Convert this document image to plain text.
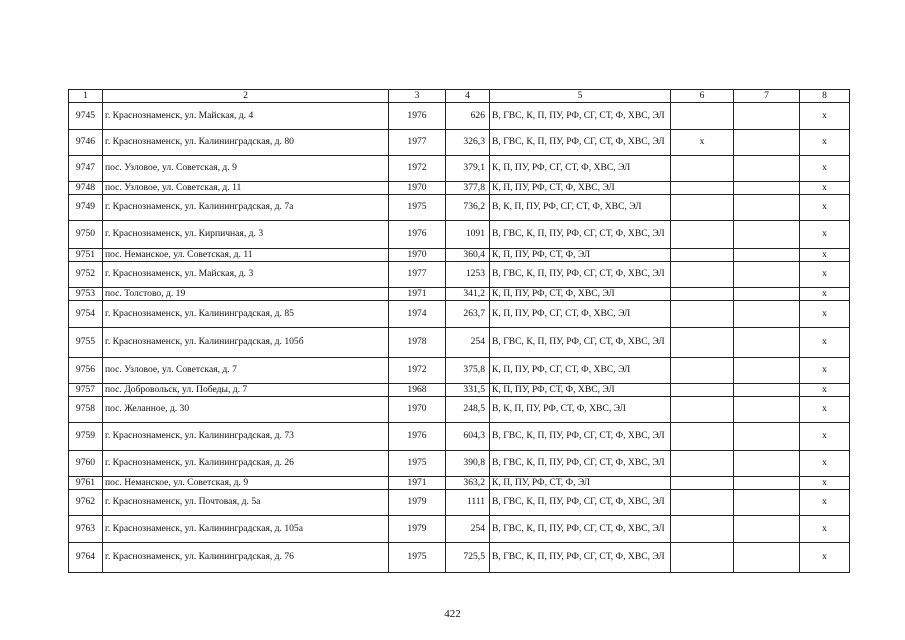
1	2	3	4	5	6	7	8
9745	г. Краснознаменск, ул. Майская, д. 4	1976	626	В, ГВС, К, П, ПУ, РФ, СГ, СТ, Ф, ХВС, ЭЛ			х
9746	г. Краснознаменск, ул. Калининградская, д. 80	1977	326,3	В, ГВС, К, П, ПУ, РФ, СГ, СТ, Ф, ХВС, ЭЛ	х		х
9747	пос. Узловое, ул. Советская, д. 9	1972	379,1	К, П, ПУ, РФ, СГ, СТ, Ф, ХВС, ЭЛ			х
9748	пос. Узловое, ул. Советская, д. 11	1970	377,8	К, П, ПУ, РФ, СТ, Ф, ХВС, ЭЛ			х
9749	г. Краснознаменск, ул. Калининградская, д. 7а	1975	736,2	В, К, П, ПУ, РФ, СГ, СТ, Ф, ХВС, ЭЛ			х
9750	г. Краснознаменск, ул. Кирпичная, д. 3	1976	1091	В, ГВС, К, П, ПУ, РФ, СГ, СТ, Ф, ХВС, ЭЛ			х
9751	пос. Неманское, ул. Советская, д. 11	1970	360,4	К, П, ПУ, РФ, СТ, Ф, ЭЛ			х
9752	г. Краснознаменск, ул. Майская, д. 3	1977	1253	В, ГВС, К, П, ПУ, РФ, СГ, СТ, Ф, ХВС, ЭЛ			х
9753	пос. Толстово, д. 19	1971	341,2	К, П, ПУ, РФ, СТ, Ф, ХВС, ЭЛ			х
9754	г. Краснознаменск, ул. Калининградская, д. 85	1974	263,7	К, П, ПУ, РФ, СГ, СТ, Ф, ХВС, ЭЛ			х
9755	г. Краснознаменск, ул. Калининградская, д. 105б	1978	254	В, ГВС, К, П, ПУ, РФ, СГ, СТ, Ф, ХВС, ЭЛ			х
9756	пос. Узловое, ул. Советская, д. 7	1972	375,8	К, П, ПУ, РФ, СГ, СТ, Ф, ХВС, ЭЛ			х
9757	пос. Добровольск, ул. Победы, д. 7	1968	331,5	К, П, ПУ, РФ, СТ, Ф, ХВС, ЭЛ			х
9758	пос. Желанное, д. 30	1970	248,5	В, К, П, ПУ, РФ, СТ, Ф, ХВС, ЭЛ			х
9759	г. Краснознаменск, ул. Калининградская, д. 73	1976	604,3	В, ГВС, К, П, ПУ, РФ, СГ, СТ, Ф, ХВС, ЭЛ			х
9760	г. Краснознаменск, ул. Калининградская, д. 26	1975	390,8	В, ГВС, К, П, ПУ, РФ, СГ, СТ, Ф, ХВС, ЭЛ			х
9761	пос. Неманское, ул. Советская, д. 9	1971	363,2	К, П, ПУ, РФ, СТ, Ф, ЭЛ			х
9762	г. Краснознаменск, ул. Почтовая, д. 5а	1979	1111	В, ГВС, К, П, ПУ, РФ, СГ, СТ, Ф, ХВС, ЭЛ			х
9763	г. Краснознаменск, ул. Калининградская, д. 105а	1979	254	В, ГВС, К, П, ПУ, РФ, СГ, СТ, Ф, ХВС, ЭЛ			х
9764	г. Краснознаменск, ул. Калининградская, д. 76	1975	725,5	В, ГВС, К, П, ПУ, РФ, СГ, СТ, Ф, ХВС, ЭЛ			х
422
